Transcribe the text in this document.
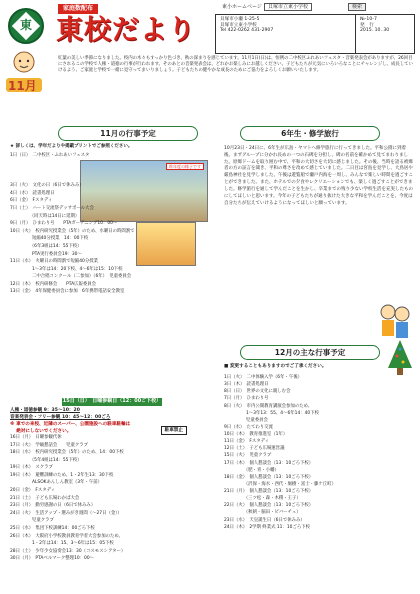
東
11月
家庭数配布
東校だより
東小ホームページ	貝塚市立東小学校	検索
貝塚市小瀬 1-25-5
貝塚市立東小学校
Tel 422-0262 431-2907
№-10-7
発　行
2015. 10. 30
紅葉の美しい季節になりました。校内の木々もすっかり色づき、秋の深まりを感じています。11月1日(日)は、恒例の二中校区ふれあいフェスタ・音楽発表会がありますが、26回目にされるこの学校で人権・道徳の行事が行われます。そのあとの音楽発表会は、どれかお楽しみにお越しください。子どもたちが元気にいろいろなことにチャレンジし、成長していけるよう、ご家庭と学校で一緒に見守ってまいりましょう。子どもたちの健やかな成長のためにご協力をよろしくお願いいたします。
11月の行事予定
★ 詳しくは、学年だよりや掲載プリントでご参照ください。
昨年度の様子です
1日（日）　二中校区・ふれあいフェスタ

3日（火）　文化の日（6日で休みみ）
4日（水）　読書処理日
6日（金）　Fスタディ
7日（土）　ハート交流祭デッサポール大会
　　　　　（同天時は14日に延期）
9日（月）　ひまわり号　　PTAガーデニング10：00〜
10日（火）　校内研究授業会（5年）のため、水曜日の時間割で
　　　　　短縮40分授業　14：00下校
　　　　　（6年3組は14：55下校）
　　　　　PTA実行委員会19：30〜
11日（水）　火曜日の時間割で短縮40分授業
　　　　　1〜3年は14：20下校、4〜6年は15：10下校
　　　　　二中合唱コンクール（二参加）（6年）　児童委員会
12日（木）　校内研修会　　PTA広報委員会
13日（金）　4年保健委員会に参加　6年携帯電話安全教室
15日（日）　日曜参観日（12：00ご下校）
人権・道徳参観 9：35〜10：20
音楽発表会・フリー参観 10：45〜12：00ごろ
※ 車での来校、近隣のスーパー、公園施設への駐車駐輪は
　 絶対にしないでください。	駐車禁止
16日（月）　日曜参観代休
17日（火）　学級懇話会　　児童クラブ
18日（水）　校内研究授業会（5年）のため、14：00下校
　　　　　（5年4組は14：55下校）
19日（木）　スクラブ
19日（木）　避難訓練のため、1・2年生13：30下校
　　　　　ALSOKあんしん教室（3年・午前）
20日（金）　Fスタディ
21日（土）　子ども広場わかば大会
23日（月）　勤労感謝の日（6日で休みみ）
24日（火）　生活アップ・選みがき週間（〜27日（金））
　　　　　児童クラブ
25日（水）　集団下校訓練14：00ごろ下校
26日（木）　大阪府小学校教員教育学者大会参加のため、
　　　　　1・2年は14：15、3〜6年は15：05下校
28日（土）　少年少女協奏会13：30（コスモスシアター）
30日（月）　PTAベルマーク整理10：00〜
6年生・修学旅行
10月23日・24日に、6年生が広島・ヤマトへ修学旅行に行ってきました。平和公園に到着後、まずグループに分かれ長めの一つの石碑を分担し、碑の名前を確かめて見てまわりました。原爆ドームを取り囲む中で、平和の大切さを大切に感じました。その後、当時を語る被爆者の方の証言を聞き、平和の尊さを改めて感じていました。二日目は宮島を見学し、大鳥居や厳島神社を見学しました。午後は遊覧船で瀬戸内海を一周し、みんなで楽しい時間を過ごすことができました。また、ホテルでの夕食やレクリエーションでも、楽しく過ごすことができました。修学旅行を通して学んだことを生かし、卒業までの残り少ない学校生活を充実したものにしてほしいと思います。今年の子どもたちが通り抜けた大きな平和を学んだことを、今度は自分たちが伝えていけるようになってほしいと願っています。
12月の主な行事予定
■ 変更することもありますのでご了承ください。
1日（火）　二中体験入学（6年・午後）
3日（木）　読書処理日
8日（日）　世界の文化に親しむ会
7日（月）　ひまわり号
8日（火）　市内公開教育講演会参加のため、
　　　　　1〜3年13：55、4〜6年14：40下校
　　　　　児童委員会
9日（水）　たてわり交流
10日（木）　教育推進室（1年）
11日（金）　Fスタディ
12日（土）　子ども広場運営議
15日（火）　児童クラブ
17日（木）　個人懇談会（13：10ごろ下校）
　　　　　（肥・青・小幡）
18日（金）　個人懇談会（13：10ごろ下校）
　　　　　（沢保・海水・西代・堀樹・富士・藤ケ丘町）
21日（月）　個人懇談会（13：10ごろ下校）
　　　　　（三ツ松・森・木積・王子）
22日（火）　個人懇談会（13：10ごろ下校）
　　　　　（秋朝・脇田・ビバーチェ）
23日（水）　天皇誕生日（6日で休みみ）
24日（木）　2学期 終業式 11：10ごろ下校
